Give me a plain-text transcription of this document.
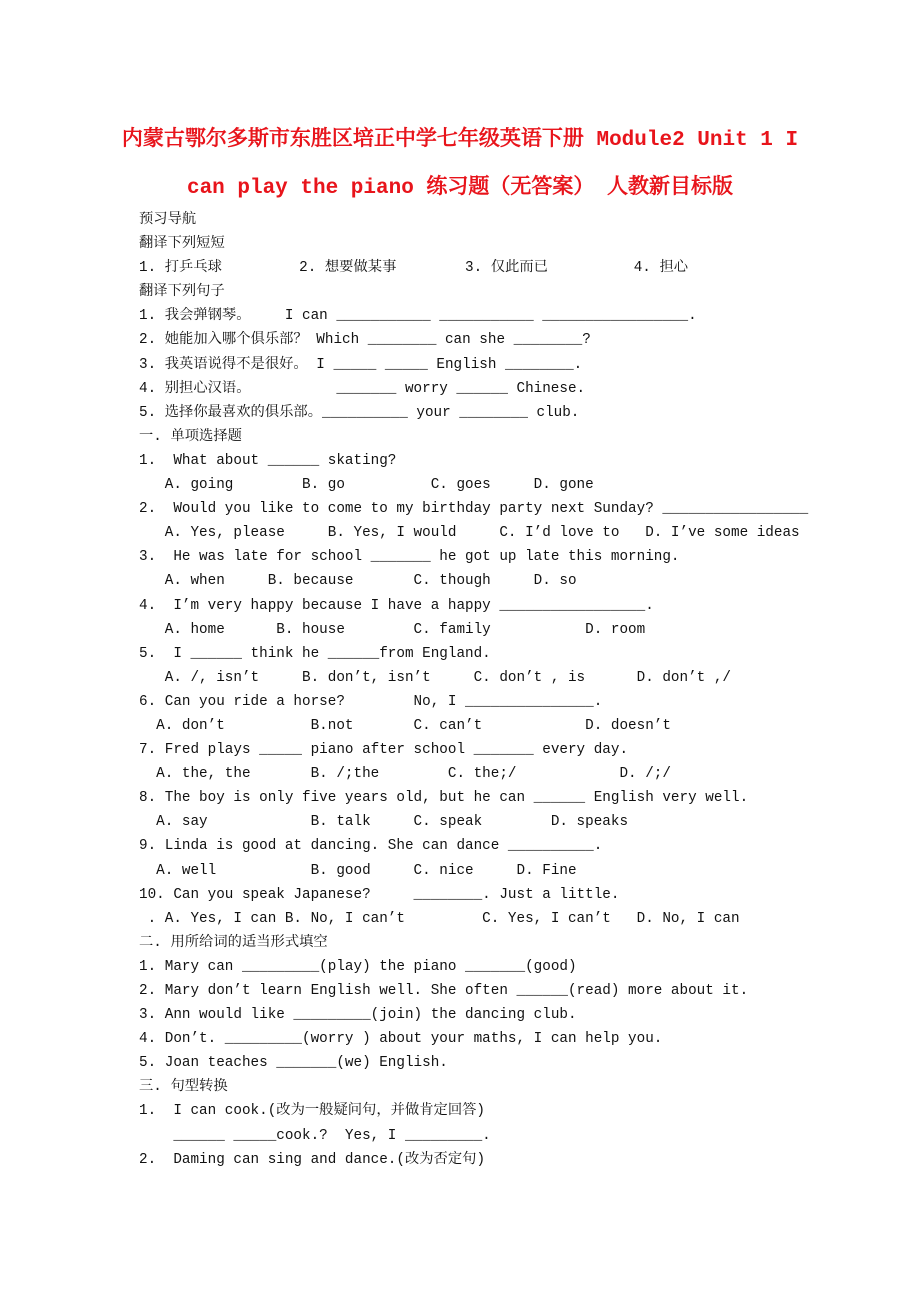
内蒙古鄂尔多斯市东胜区培正中学七年级英语下册 Module2 Unit 1 I
can play the piano 练习题（无答案） 人教新目标版
预习导航
翻译下列短短
1. 打乒乓球         2. 想要做某事        3. 仅此而已          4. 担心
翻译下列句子
1. 我会弹钢琴。    I can ___________ ___________ _________________.
2. 她能加入哪个俱乐部？ Which ________ can she ________?
3. 我英语说得不是很好。 I _____ _____ English ________.
4. 别担心汉语。          _______ worry ______ Chinese.
5. 选择你最喜欢的俱乐部。__________ your ________ club.
一. 单项选择题
1.  What about ______ skating?
A. going        B. go          C. goes     D. gone
2.  Would you like to come to my birthday party next Sunday? _________________
A. Yes, please     B. Yes, I would     C. I’d love to   D. I’ve some ideas
3.  He was late for school _______ he got up late this morning.
A. when     B. because       C. though     D. so
4.  I’m very happy because I have a happy _________________.
A. home      B. house        C. family           D. room
5.  I ______ think he ______from England.
A. /, isn’t     B. don’t, isn’t     C. don’t , is      D. don’t ,/
6. Can you ride a horse?        No, I _______________.
A. don’t          B.not       C. can’t            D. doesn’t
7. Fred plays _____ piano after school _______ every day.
A. the, the       B. /;the        C. the;/            D. /;/
8. The boy is only five years old, but he can ______ English very well.
A. say            B. talk     C. speak        D. speaks
9. Linda is good at dancing. She can dance __________.
A. well           B. good     C. nice     D. Fine
10. Can you speak Japanese?     ________. Just a little.
. A. Yes, I can B. No, I can’t         C. Yes, I can’t   D. No, I can
二. 用所给词的适当形式填空
1. Mary can _________(play) the piano _______(good)
2. Mary don’t learn English well. She often ______(read) more about it.
3. Ann would like _________(join) the dancing club.
4. Don’t. _________(worry ) about your maths, I can help you.
5. Joan teaches _______(we) English.
三. 句型转换
1.  I can cook.(改为一般疑问句，并做肯定回答)
______ _____cook.?  Yes, I _________.
2.  Daming can sing and dance.(改为否定句)
